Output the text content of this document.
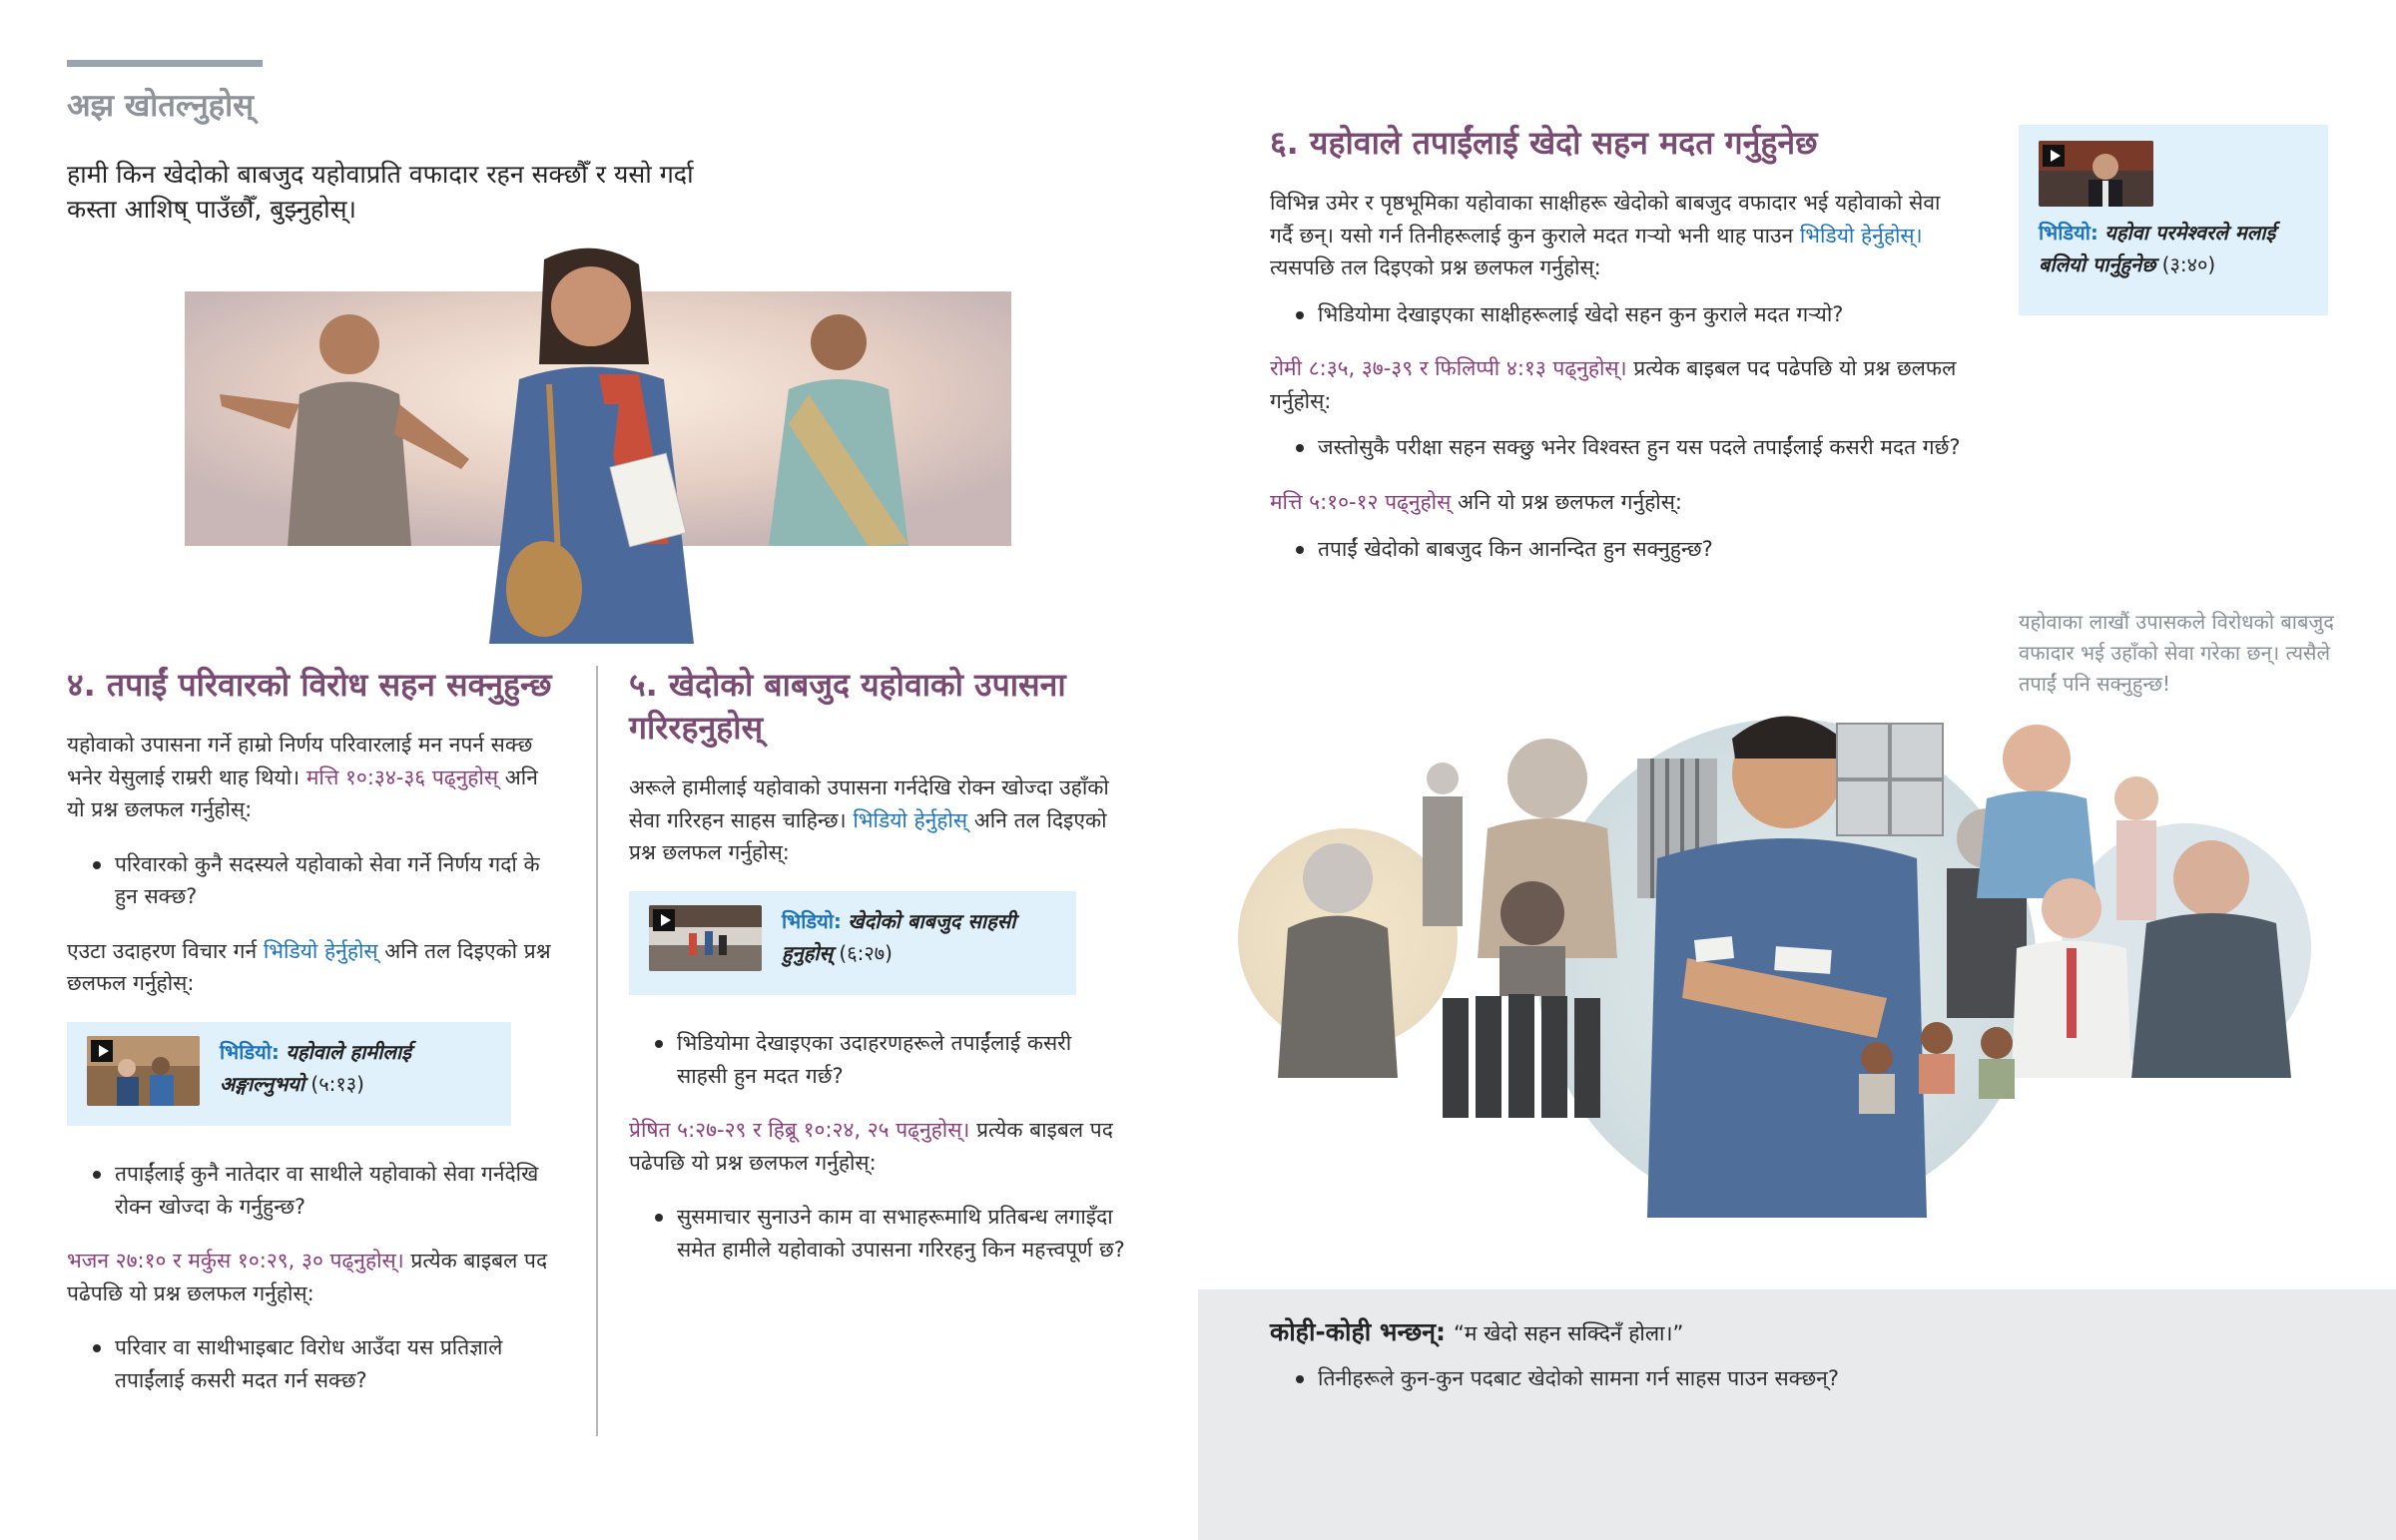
अझ खोतल्नुहोस्
हामी किन खेदोको बाबजुद यहोवाप्रति वफादार रहन सक्छौँ र यसो गर्दा कस्ता आशिष् पाउँछौँ, बुझ्नुहोस्।
४. तपाईं परिवारको विरोध सहन सक्नुहुन्छ

यहोवाको उपासना गर्ने हाम्रो निर्णय परिवारलाई मन नपर्न सक्छ भनेर येसुलाई राम्ररी थाह थियो। मत्ति १०:३४-३६ पढ्नुहोस् अनि यो प्रश्न छलफल गर्नुहोस्:

परिवारको कुनै सदस्यले यहोवाको सेवा गर्ने निर्णय गर्दा के हुन सक्छ?

एउटा उदाहरण विचार गर्न भिडियो हेर्नुहोस् अनि तल दिइएको प्रश्न छलफल गर्नुहोस्:

भिडियो: यहोवाले हामीलाई अङ्गाल्नुभयो (५:१३)

तपाईंलाई कुनै नातेदार वा साथीले यहोवाको सेवा गर्नदेखि रोक्न खोज्दा के गर्नुहुन्छ?

भजन २७:१० र मर्कुस १०:२९, ३० पढ्नुहोस्। प्रत्येक बाइबल पद पढेपछि यो प्रश्न छलफल गर्नुहोस्:

परिवार वा साथीभाइबाट विरोध आउँदा यस प्रतिज्ञाले तपाईंलाई कसरी मदत गर्न सक्छ?

५. खेदोको बाबजुद यहोवाको उपासना गरिरहनुहोस्

अरूले हामीलाई यहोवाको उपासना गर्नदेखि रोक्न खोज्दा उहाँको सेवा गरिरहन साहस चाहिन्छ। भिडियो हेर्नुहोस् अनि तल दिइएको प्रश्न छलफल गर्नुहोस्:

भिडियो: खेदोको बाबजुद साहसी हुनुहोस् (६:२७)

भिडियोमा देखाइएका उदाहरणहरूले तपाईंलाई कसरी साहसी हुन मदत गर्छ?

प्रेषित ५:२७-२९ र हिब्रू १०:२४, २५ पढ्नुहोस्। प्रत्येक बाइबल पद पढेपछि यो प्रश्न छलफल गर्नुहोस्:

सुसमाचार सुनाउने काम वा सभाहरूमाथि प्रतिबन्ध लगाइँदा समेत हामीले यहोवाको उपासना गरिरहनु किन महत्त्वपूर्ण छ?

६. यहोवाले तपाईंलाई खेदो सहन मदत गर्नुहुनेछ

विभिन्न उमेर र पृष्ठभूमिका यहोवाका साक्षीहरू खेदोको बाबजुद वफादार भई यहोवाको सेवा गर्दै छन्। यसो गर्न तिनीहरूलाई कुन कुराले मदत गऱ्यो भनी थाह पाउन भिडियो हेर्नुहोस्। त्यसपछि तल दिइएको प्रश्न छलफल गर्नुहोस्:

भिडियोमा देखाइएका साक्षीहरूलाई खेदो सहन कुन कुराले मदत गऱ्यो?

रोमी ८:३५, ३७-३९ र फिलिप्पी ४:१३ पढ्नुहोस्। प्रत्येक बाइबल पद पढेपछि यो प्रश्न छलफल गर्नुहोस्:

जस्तोसुकै परीक्षा सहन सक्छु भनेर विश्वस्त हुन यस पदले तपाईंलाई कसरी मदत गर्छ?

मत्ति ५:१०-१२ पढ्नुहोस् अनि यो प्रश्न छलफल गर्नुहोस्:

तपाईं खेदोको बाबजुद किन आनन्दित हुन सक्नुहुन्छ?

भिडियो: यहोवा परमेश्वरले मलाई बलियो पार्नुहुनेछ (३:४०)
यहोवाका लाखौं उपासकले विरोधको बाबजुद वफादार भई उहाँको सेवा गरेका छन्। त्यसैले तपाईं पनि सक्नुहुन्छ!
कोही-कोही भन्छन्: “म खेदो सहन सक्दिनँ होला।”

तिनीहरूले कुन-कुन पदबाट खेदोको सामना गर्न साहस पाउन सक्छन्?
